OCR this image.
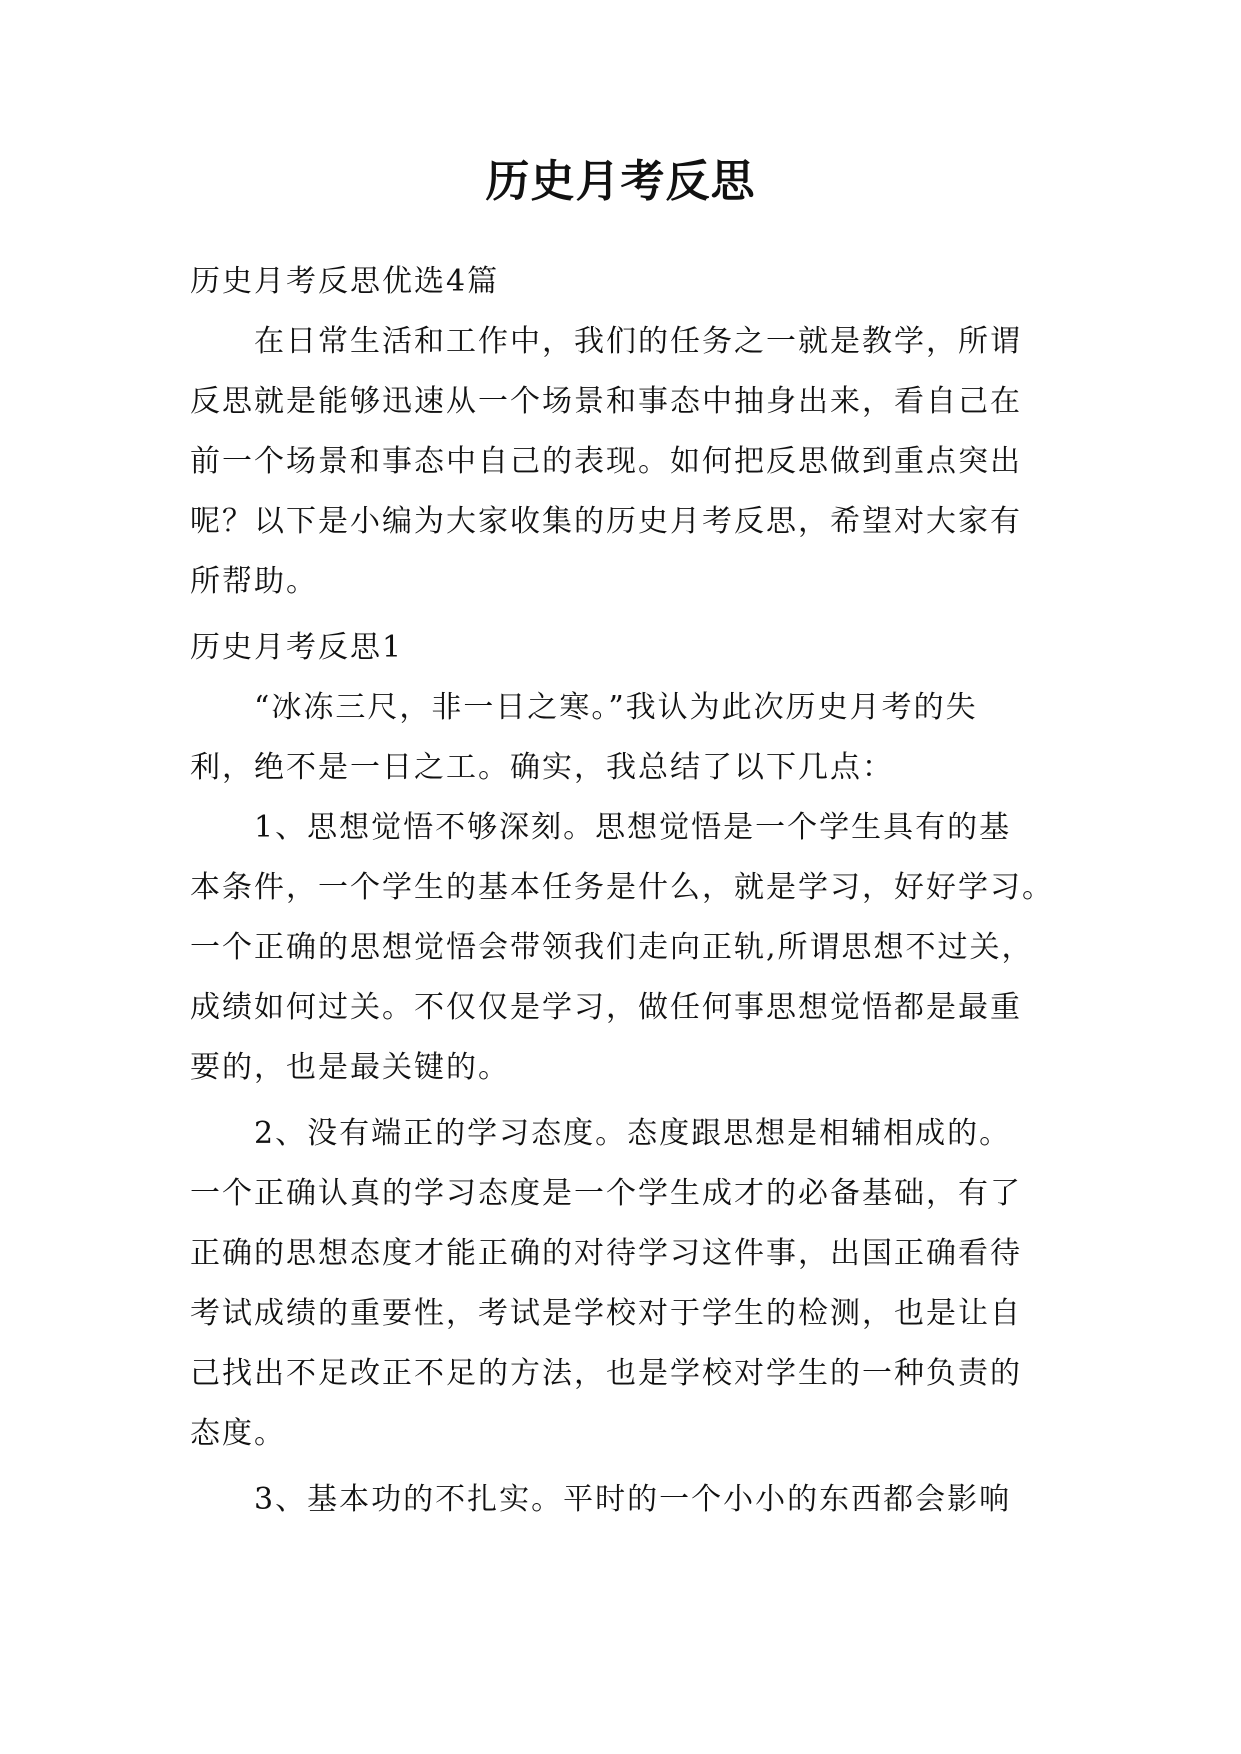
历史月考反思
历史月考反思优选4篇
在日常生活和工作中，我们的任务之一就是教学，所谓
反思就是能够迅速从一个场景和事态中抽身出来，看自己在
前一个场景和事态中自己的表现。如何把反思做到重点突出
呢？以下是小编为大家收集的历史月考反思，希望对大家有
所帮助。
历史月考反思1
“冰冻三尺，非一日之寒。”我认为此次历史月考的失
利，绝不是一日之工。确实，我总结了以下几点：
1、思想觉悟不够深刻。思想觉悟是一个学生具有的基
本条件，一个学生的基本任务是什么，就是学习，好好学习。
一个正确的思想觉悟会带领我们走向正轨,所谓思想不过关，
成绩如何过关。不仅仅是学习，做任何事思想觉悟都是最重
要的，也是最关键的。
2、没有端正的学习态度。态度跟思想是相辅相成的。
一个正确认真的学习态度是一个学生成才的必备基础，有了
正确的思想态度才能正确的对待学习这件事，出国正确看待
考试成绩的重要性，考试是学校对于学生的检测，也是让自
己找出不足改正不足的方法，也是学校对学生的一种负责的
态度。
3、基本功的不扎实。平时的一个小小的东西都会影响
